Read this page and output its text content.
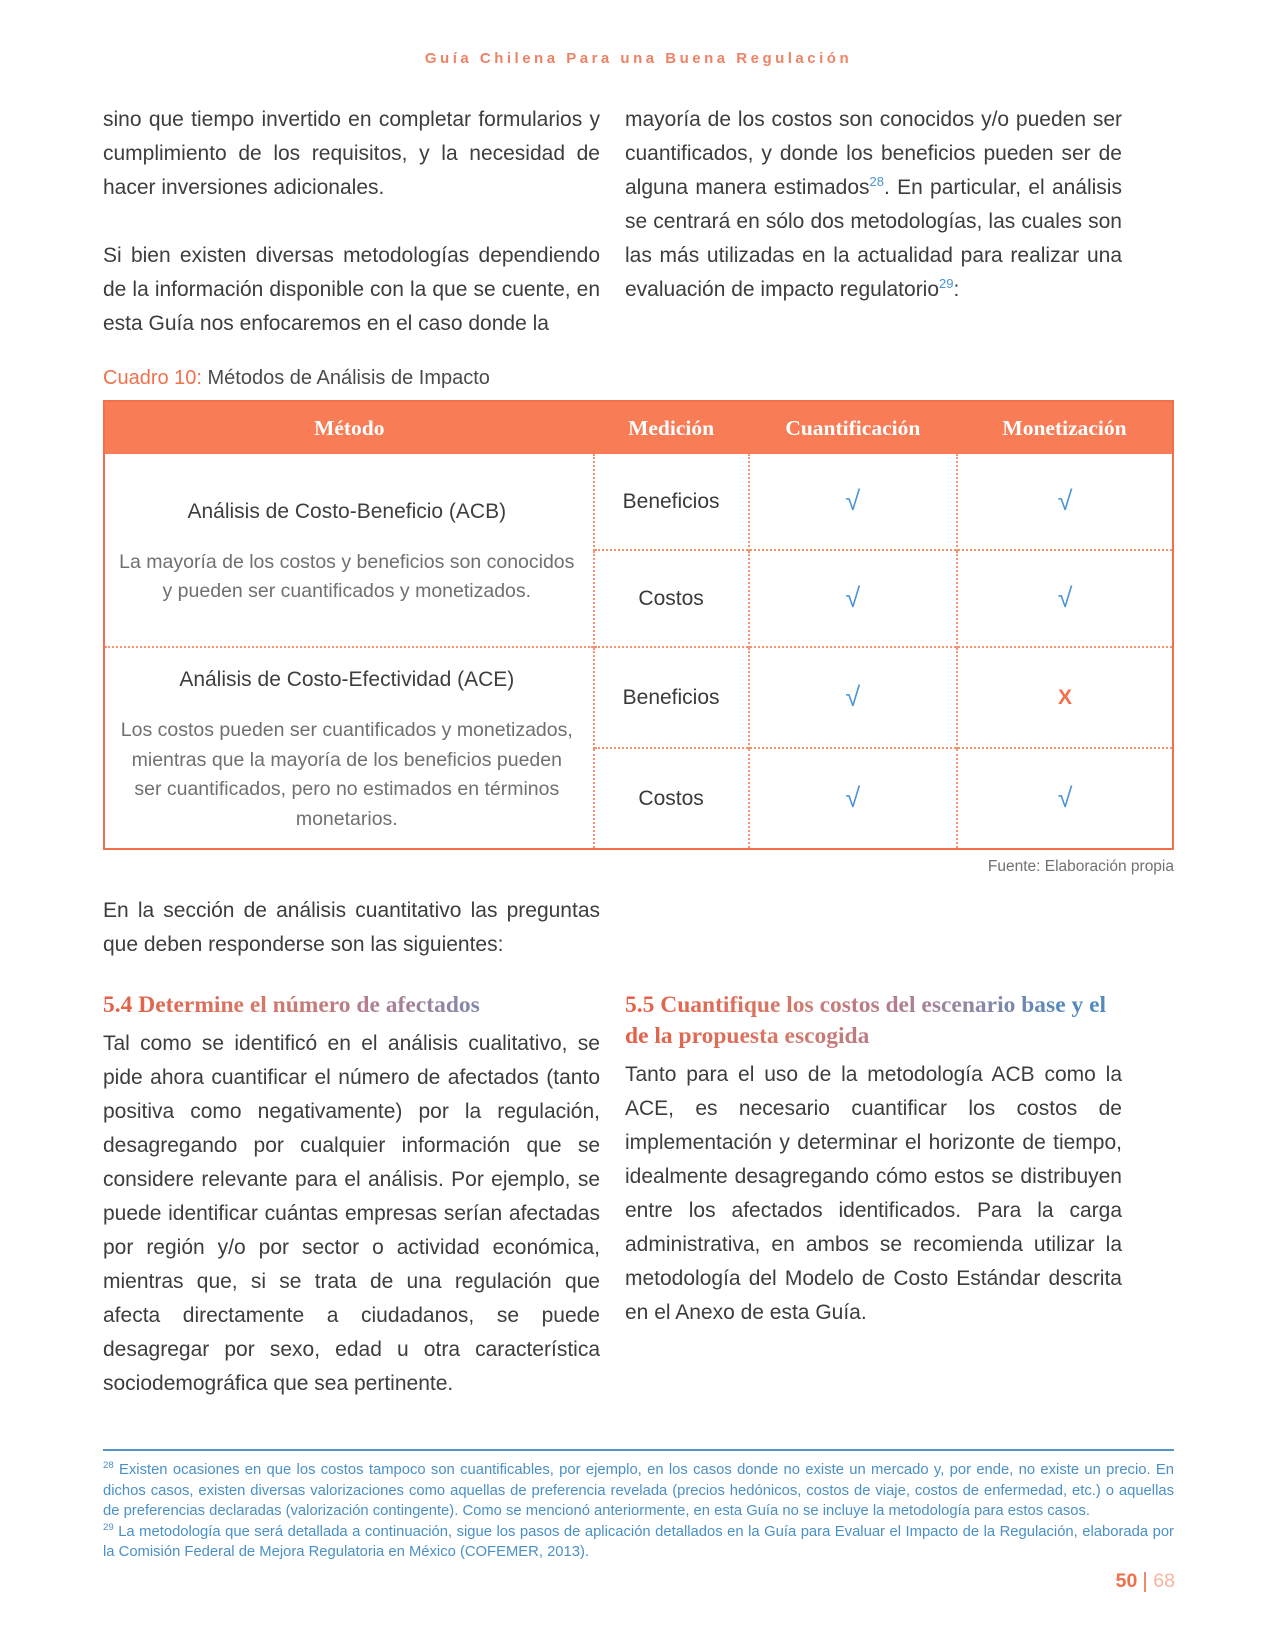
Guía Chilena Para una Buena Regulación

sino que tiempo invertido en completar formularios y cumplimiento de los requisitos, y la necesidad de hacer inversiones adicionales.

Si bien existen diversas metodologías dependiendo de la información disponible con la que se cuente, en esta Guía nos enfocaremos en el caso donde la

mayoría de los costos son conocidos y/o pueden ser cuantificados, y donde los beneficios pueden ser de alguna manera estimados$^{28}$. En particular, el análisis se centrará en sólo dos metodologías, las cuales son las más utilizadas en la actualidad para realizar una evaluación de impacto regulatorio$^{29}$:

Cuadro 10: Métodos de Análisis de Impacto
Método	Medición	Cuantificación	Monetización

Análisis de Costo-Beneficio (ACB)
La mayoría de los costos y beneficios son conocidos y pueden ser cuantificados y monetizados.	Beneficios	√	√
	Costos	√	√

Análisis de Costo-Efectividad (ACE)
Los costos pueden ser cuantificados y monetizados, mientras que la mayoría de los beneficios pueden ser cuantificados, pero no estimados en términos monetarios.	Beneficios	√	X
	Costos	√	√
Fuente: Elaboración propia

En la sección de análisis cuantitativo las preguntas que deben responderse son las siguientes:

5.4 Determine el número de afectados

Tal como se identificó en el análisis cualitativo, se pide ahora cuantificar el número de afectados (tanto positiva como negativamente) por la regulación, desagregando por cualquier información que se considere relevante para el análisis. Por ejemplo, se puede identificar cuántas empresas serían afectadas por región y/o por sector o actividad económica, mientras que, si se trata de una regulación que afecta directamente a ciudadanos, se puede desagregar por sexo, edad u otra característica sociodemográfica que sea pertinente.

5.5 Cuantifique los costos del escenario base y el de la propuesta escogida

Tanto para el uso de la metodología ACB como la ACE, es necesario cuantificar los costos de implementación y determinar el horizonte de tiempo, idealmente desagregando cómo estos se distribuyen entre los afectados identificados. Para la carga administrativa, en ambos se recomienda utilizar la metodología del Modelo de Costo Estándar descrita en el Anexo de esta Guía.

$^{28}$ Existen ocasiones en que los costos tampoco son cuantificables, por ejemplo, en los casos donde no existe un mercado y, por ende, no existe un precio. En dichos casos, existen diversas valorizaciones como aquellas de preferencia revelada (precios hedónicos, costos de viaje, costos de enfermedad, etc.) o aquellas de preferencias declaradas (valorización contingente). Como se mencionó anteriormente, en esta Guía no se incluye la metodología para estos casos.

$^{29}$ La metodología que será detallada a continuación, sigue los pasos de aplicación detallados en la Guía para Evaluar el Impacto de la Regulación, elaborada por la Comisión Federal de Mejora Regulatoria en México (COFEMER, 2013).

50 68
